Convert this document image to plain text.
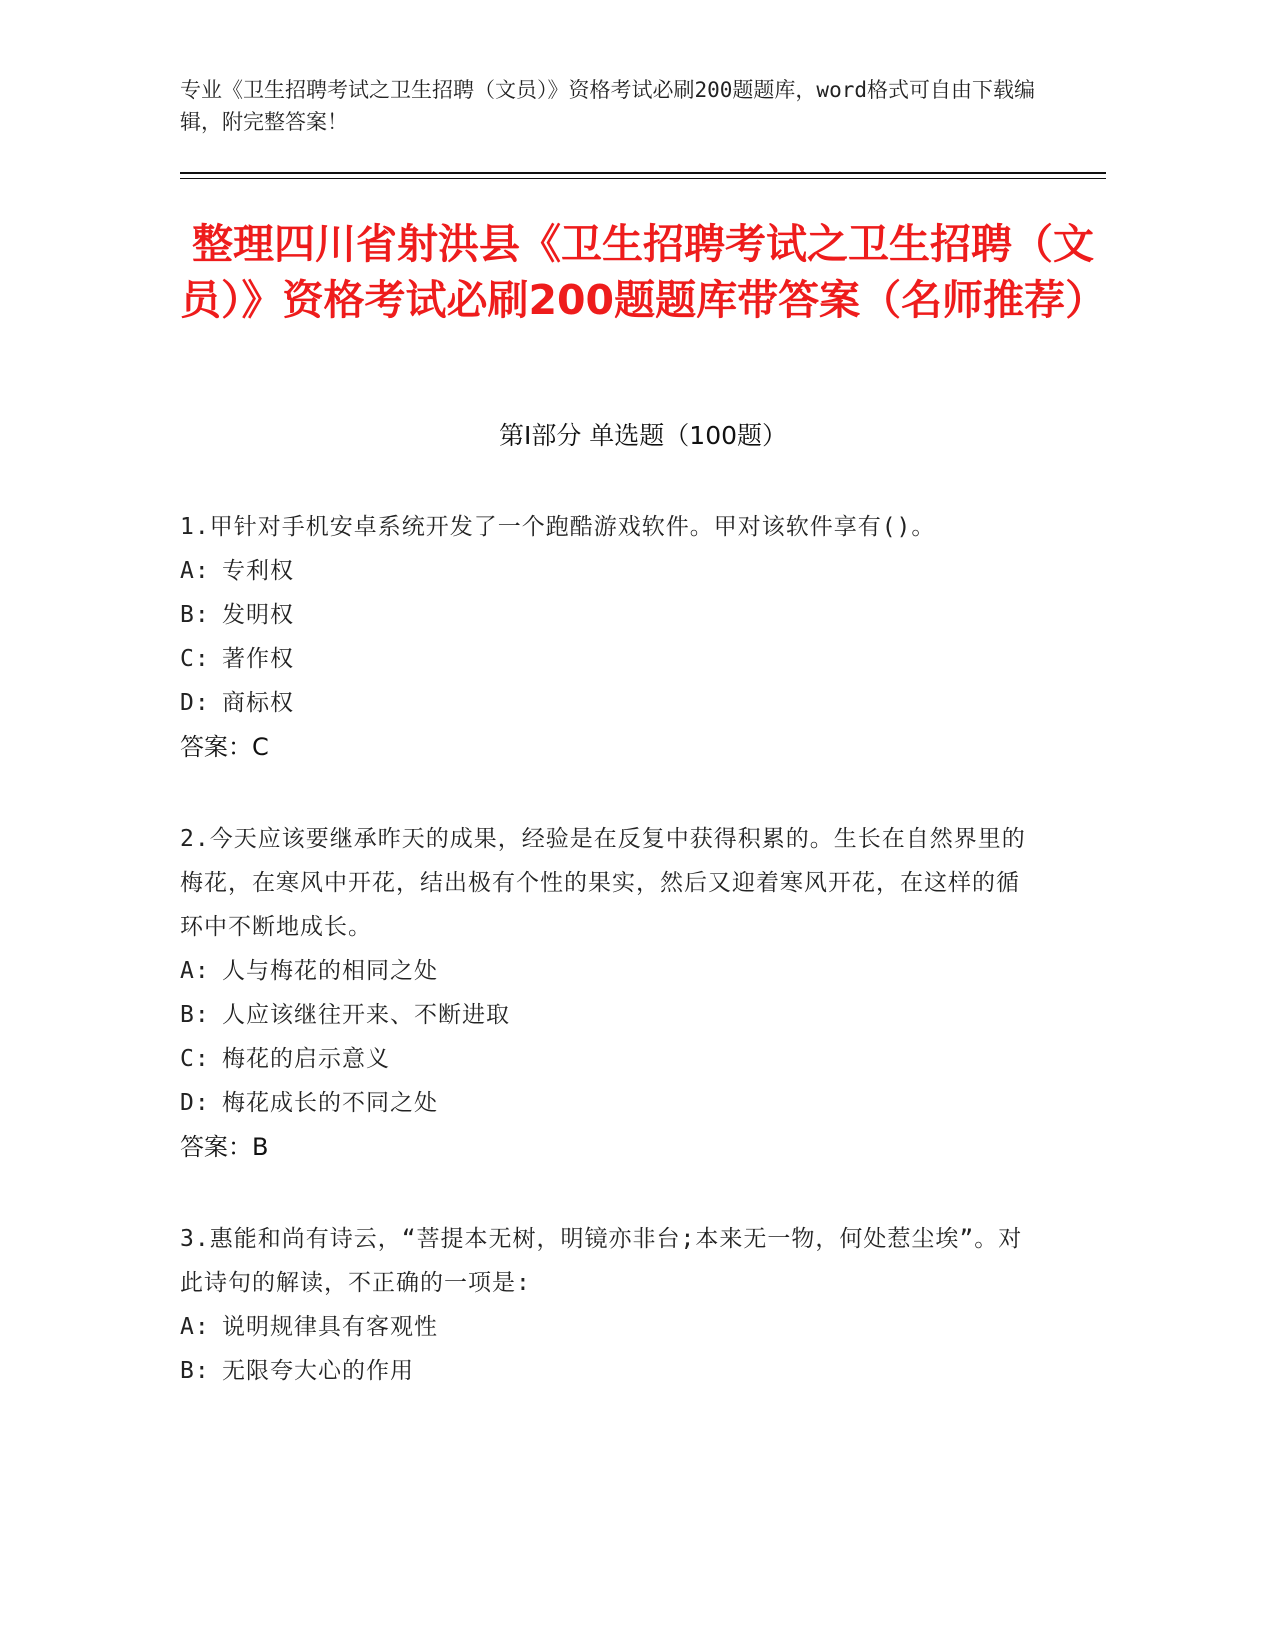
专业《卫生招聘考试之卫生招聘（文员）》资格考试必刷200题题库，word格式可自由下载编辑，附完整答案！
整理四川省射洪县《卫生招聘考试之卫生招聘（文员）》资格考试必刷200题题库带答案（名师推荐）
第I部分 单选题（100题）
1.甲针对手机安卓系统开发了一个跑酷游戏软件。甲对该软件享有()。
A: 专利权
B: 发明权
C: 著作权
D: 商标权
答案：C
2.今天应该要继承昨天的成果，经验是在反复中获得积累的。生长在自然界里的梅花，在寒风中开花，结出极有个性的果实，然后又迎着寒风开花，在这样的循环中不断地成长。
A: 人与梅花的相同之处
B: 人应该继往开来、不断进取
C: 梅花的启示意义
D: 梅花成长的不同之处
答案：B
3.惠能和尚有诗云，“菩提本无树，明镜亦非台;本来无一物，何处惹尘埃”。对此诗句的解读，不正确的一项是:
A: 说明规律具有客观性
B: 无限夸大心的作用
